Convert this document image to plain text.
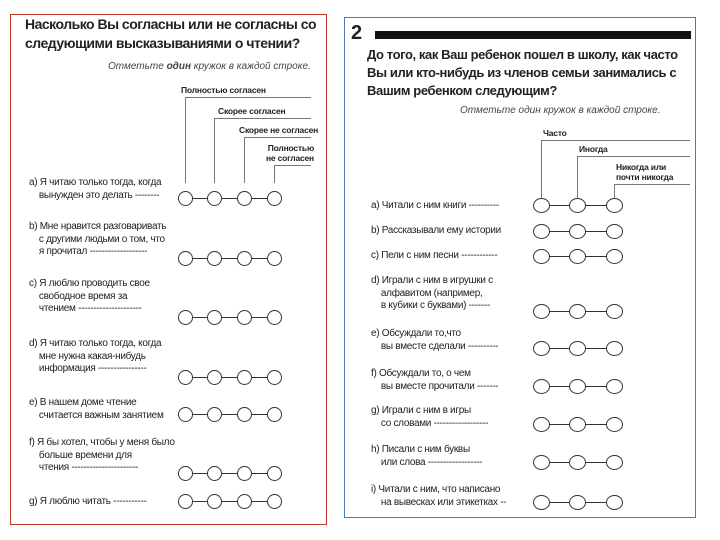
Насколько Вы согласны или не согласны со следующими высказываниями о чтении?
Отметьте один кружок в каждой строке.
Полностью согласен
Скорее согласен
Скорее не согласен
Полностью
не согласен
a) Я читаю только тогда, когда
вынужден это делать --------
b) Мне нравится разговаривать
с другими людьми о том, что
я прочитал -------------------
c) Я люблю проводить свое
свободное время за
чтением ---------------------
d) Я читаю только тогда, когда
мне нужна какая-нибудь
информация ----------------
e) В нашем доме чтение
считается важным занятием
f) Я бы хотел, чтобы у меня было
больше времени для
чтения ----------------------
g) Я люблю читать -----------
2
До того, как Ваш ребенок пошел в школу, как часто Вы или кто-нибудь из членов семьи занимались с Вашим ребенком следующим?
Отметьте один кружок в каждой строке.
Часто
Иногда
Никогда или
почти никогда
a) Читали с ним книги ----------
b) Рассказывали ему истории
c) Пели с ним песни ------------
d) Играли с ним в игрушки с
алфавитом (например,
в кубики с буквами) -------
e) Обсуждали то,что
вы вместе сделали ----------
f) Обсуждали то, о чем
вы вместе прочитали -------
g) Играли с ним в игры
со словами ------------------
h) Писали с ним буквы
или слова ------------------
i) Читали с ним, что написано
на вывесках или этикетках --
